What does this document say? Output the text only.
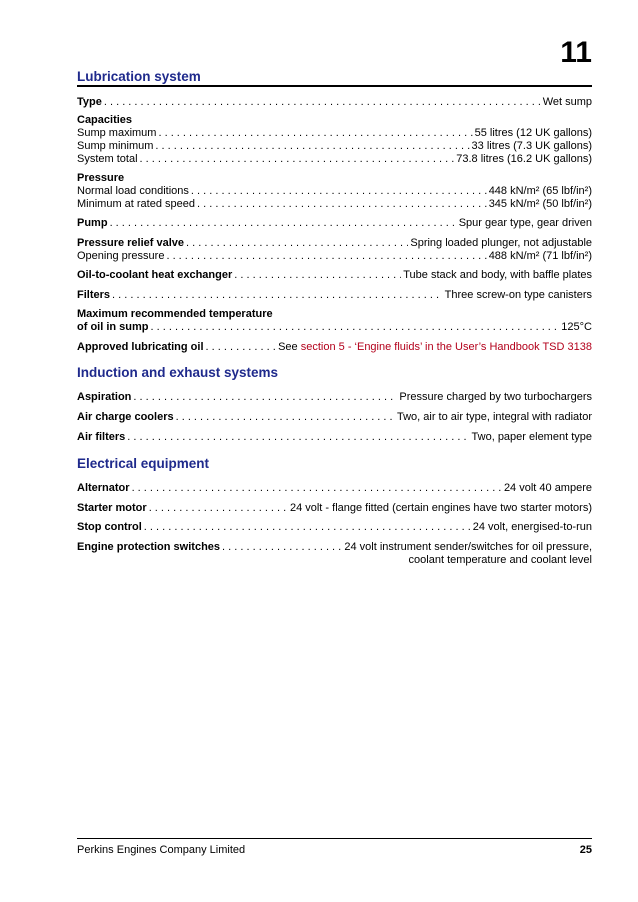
11
Lubrication system
Type . . .	Wet sump
Capacities
Sump maximum . . .	55 litres (12 UK gallons)
Sump minimum . . .	33 litres (7.3 UK gallons)
System total . . .	73.8 litres (16.2 UK gallons)
Pressure
Normal load conditions . . .	448 kN/m² (65 lbf/in²)
Minimum at rated speed . . .	345 kN/m² (50 lbf/in²)
Pump . . .	Spur gear type, gear driven
Pressure relief valve . . .	Spring loaded plunger, not adjustable
Opening pressure . . .	488 kN/m² (71 lbf/in²)
Oil-to-coolant heat exchanger . . .	Tube stack and body, with baffle plates
Filters . . .	Three screw-on type canisters
Maximum recommended temperature
of oil in sump . . .	125°C
Approved lubricating oil . . .	See section 5 - ‘Engine fluids’ in the User’s Handbook TSD 3138
Induction and exhaust systems
Aspiration . . .	Pressure charged by two turbochargers
Air charge coolers . . .	Two, air to air type, integral with radiator
Air filters . . .	Two, paper element type
Electrical equipment
Alternator . . .	24 volt 40 ampere
Starter motor . . .	24 volt - flange fitted (certain engines have two starter motors)
Stop control . . .	24 volt, energised-to-run
Engine protection switches . . .	24 volt instrument sender/switches for oil pressure,
coolant temperature and coolant level
Perkins Engines Company Limited	25
